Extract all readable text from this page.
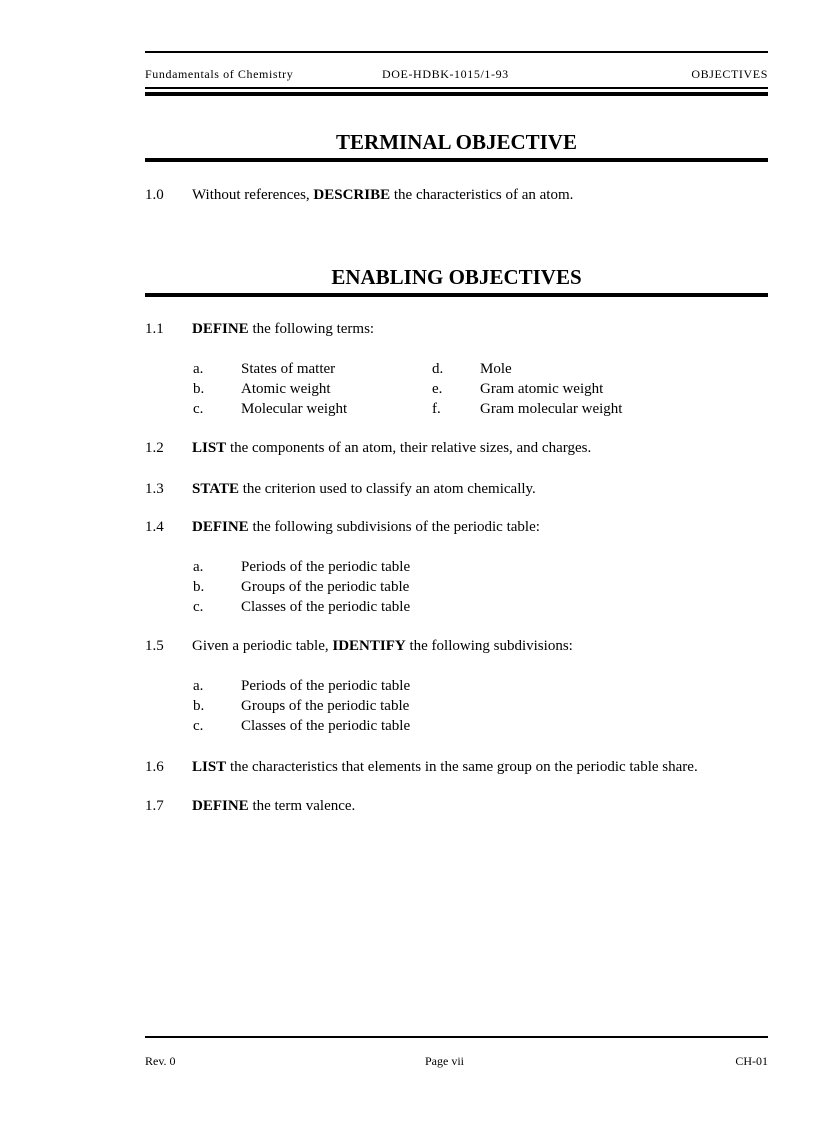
Fundamentals of Chemistry	DOE-HDBK-1015/1-93	OBJECTIVES
TERMINAL OBJECTIVE
1.0 Without references, DESCRIBE the characteristics of an atom.
ENABLING OBJECTIVES
1.1 DEFINE the following terms:
a.	States of matter
b. Atomic weight
c.	Molecular weight
d. Mole
e.	Gram atomic weight
f.	Gram molecular weight
1.2 LIST the components of an atom, their relative sizes, and charges.
1.3 STATE the criterion used to classify an atom chemically.
1.4 DEFINE the following subdivisions of the periodic table:
a.	Periods of the periodic table
b. Groups of the periodic table
c.	Classes of the periodic table
1.5 Given a periodic table, IDENTIFY the following subdivisions:
a.	Periods of the periodic table
b. Groups of the periodic table
c.	Classes of the periodic table
1.6 LIST the characteristics that elements in the same group on the periodic table share.
1.7 DEFINE the term valence.
Rev. 0	Page vii	CH-01
